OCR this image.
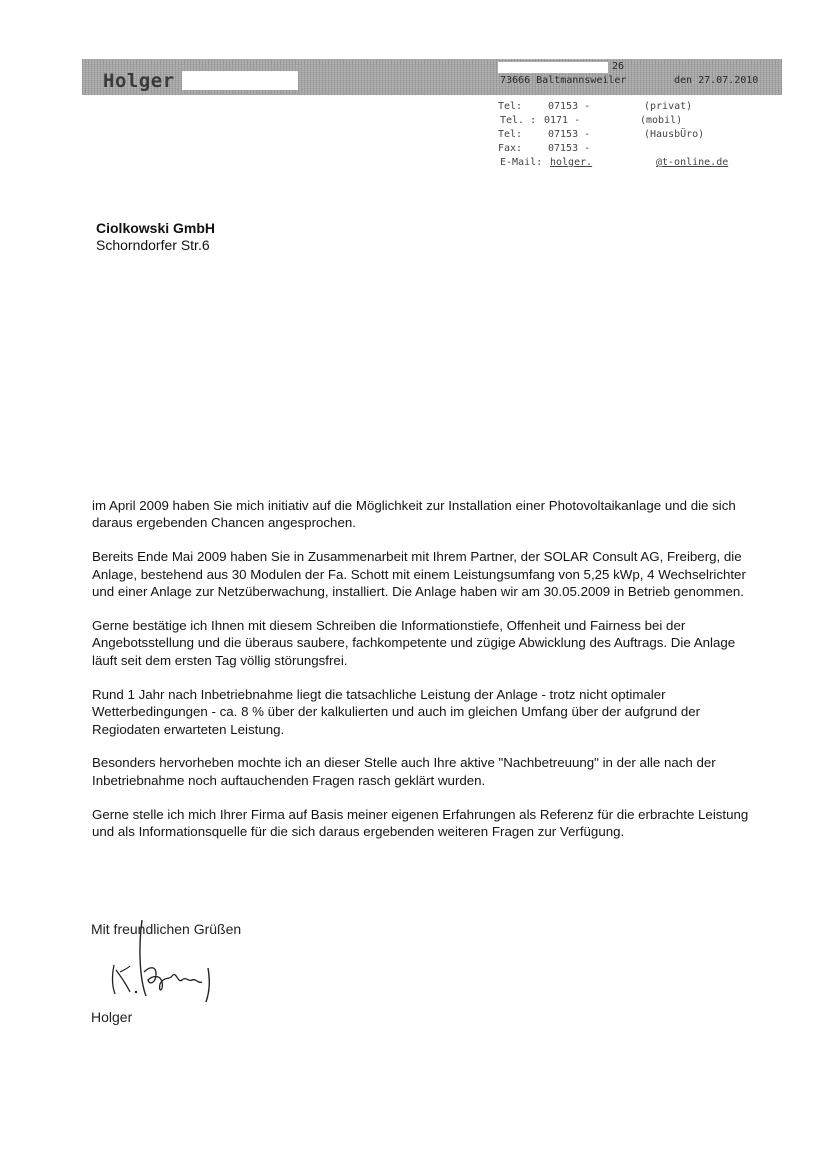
Holger
26
73666 Baltmannsweiler	den 27.07.2010
Tel:	07153 -	(privat)
Tel. : 0171 -	(mobil)
Tel:	07153 -	(HausbÜro)
Fax:	07153 -
E-Mail: holger.	@t-online.de
Ciolkowski GmbH
Schorndorfer Str.6

im April 2009 haben Sie mich initiativ auf die Möglichkeit zur Installation einer Photovoltaikanlage und die sich daraus ergebenden Chancen angesprochen.

Bereits Ende Mai 2009 haben Sie in Zusammenarbeit mit Ihrem Partner, der SOLAR Consult AG, Freiberg, die Anlage, bestehend aus 30 Modulen der Fa. Schott mit einem Leistungsumfang von 5,25 kWp, 4 Wechselrichter und einer Anlage zur Netzüberwachung, installiert. Die Anlage haben wir am 30.05.2009 in Betrieb genommen.

Gerne bestätige ich Ihnen mit diesem Schreiben die Informationstiefe, Offenheit und Fairness bei der Angebotsstellung und die überaus saubere, fachkompetente und zügige Abwicklung des Auftrags. Die Anlage läuft seit dem ersten Tag völlig störungsfrei.

Rund 1 Jahr nach Inbetriebnahme liegt die tatsachliche Leistung der Anlage - trotz nicht optimaler Wetterbedingungen - ca. 8 % über der kalkulierten und auch im gleichen Umfang über der aufgrund der Regiodaten erwarteten Leistung.

Besonders hervorheben mochte ich an dieser Stelle auch Ihre aktive "Nachbetreuung" in der alle nach der Inbetriebnahme noch auftauchenden Fragen rasch geklärt wurden.

Gerne stelle ich mich Ihrer Firma auf Basis meiner eigenen Erfahrungen als Referenz für die erbrachte Leistung und als Informationsquelle für die sich daraus ergebenden weiteren Fragen zur Verfügung.

Mit freundlichen Grüßen
Holger
